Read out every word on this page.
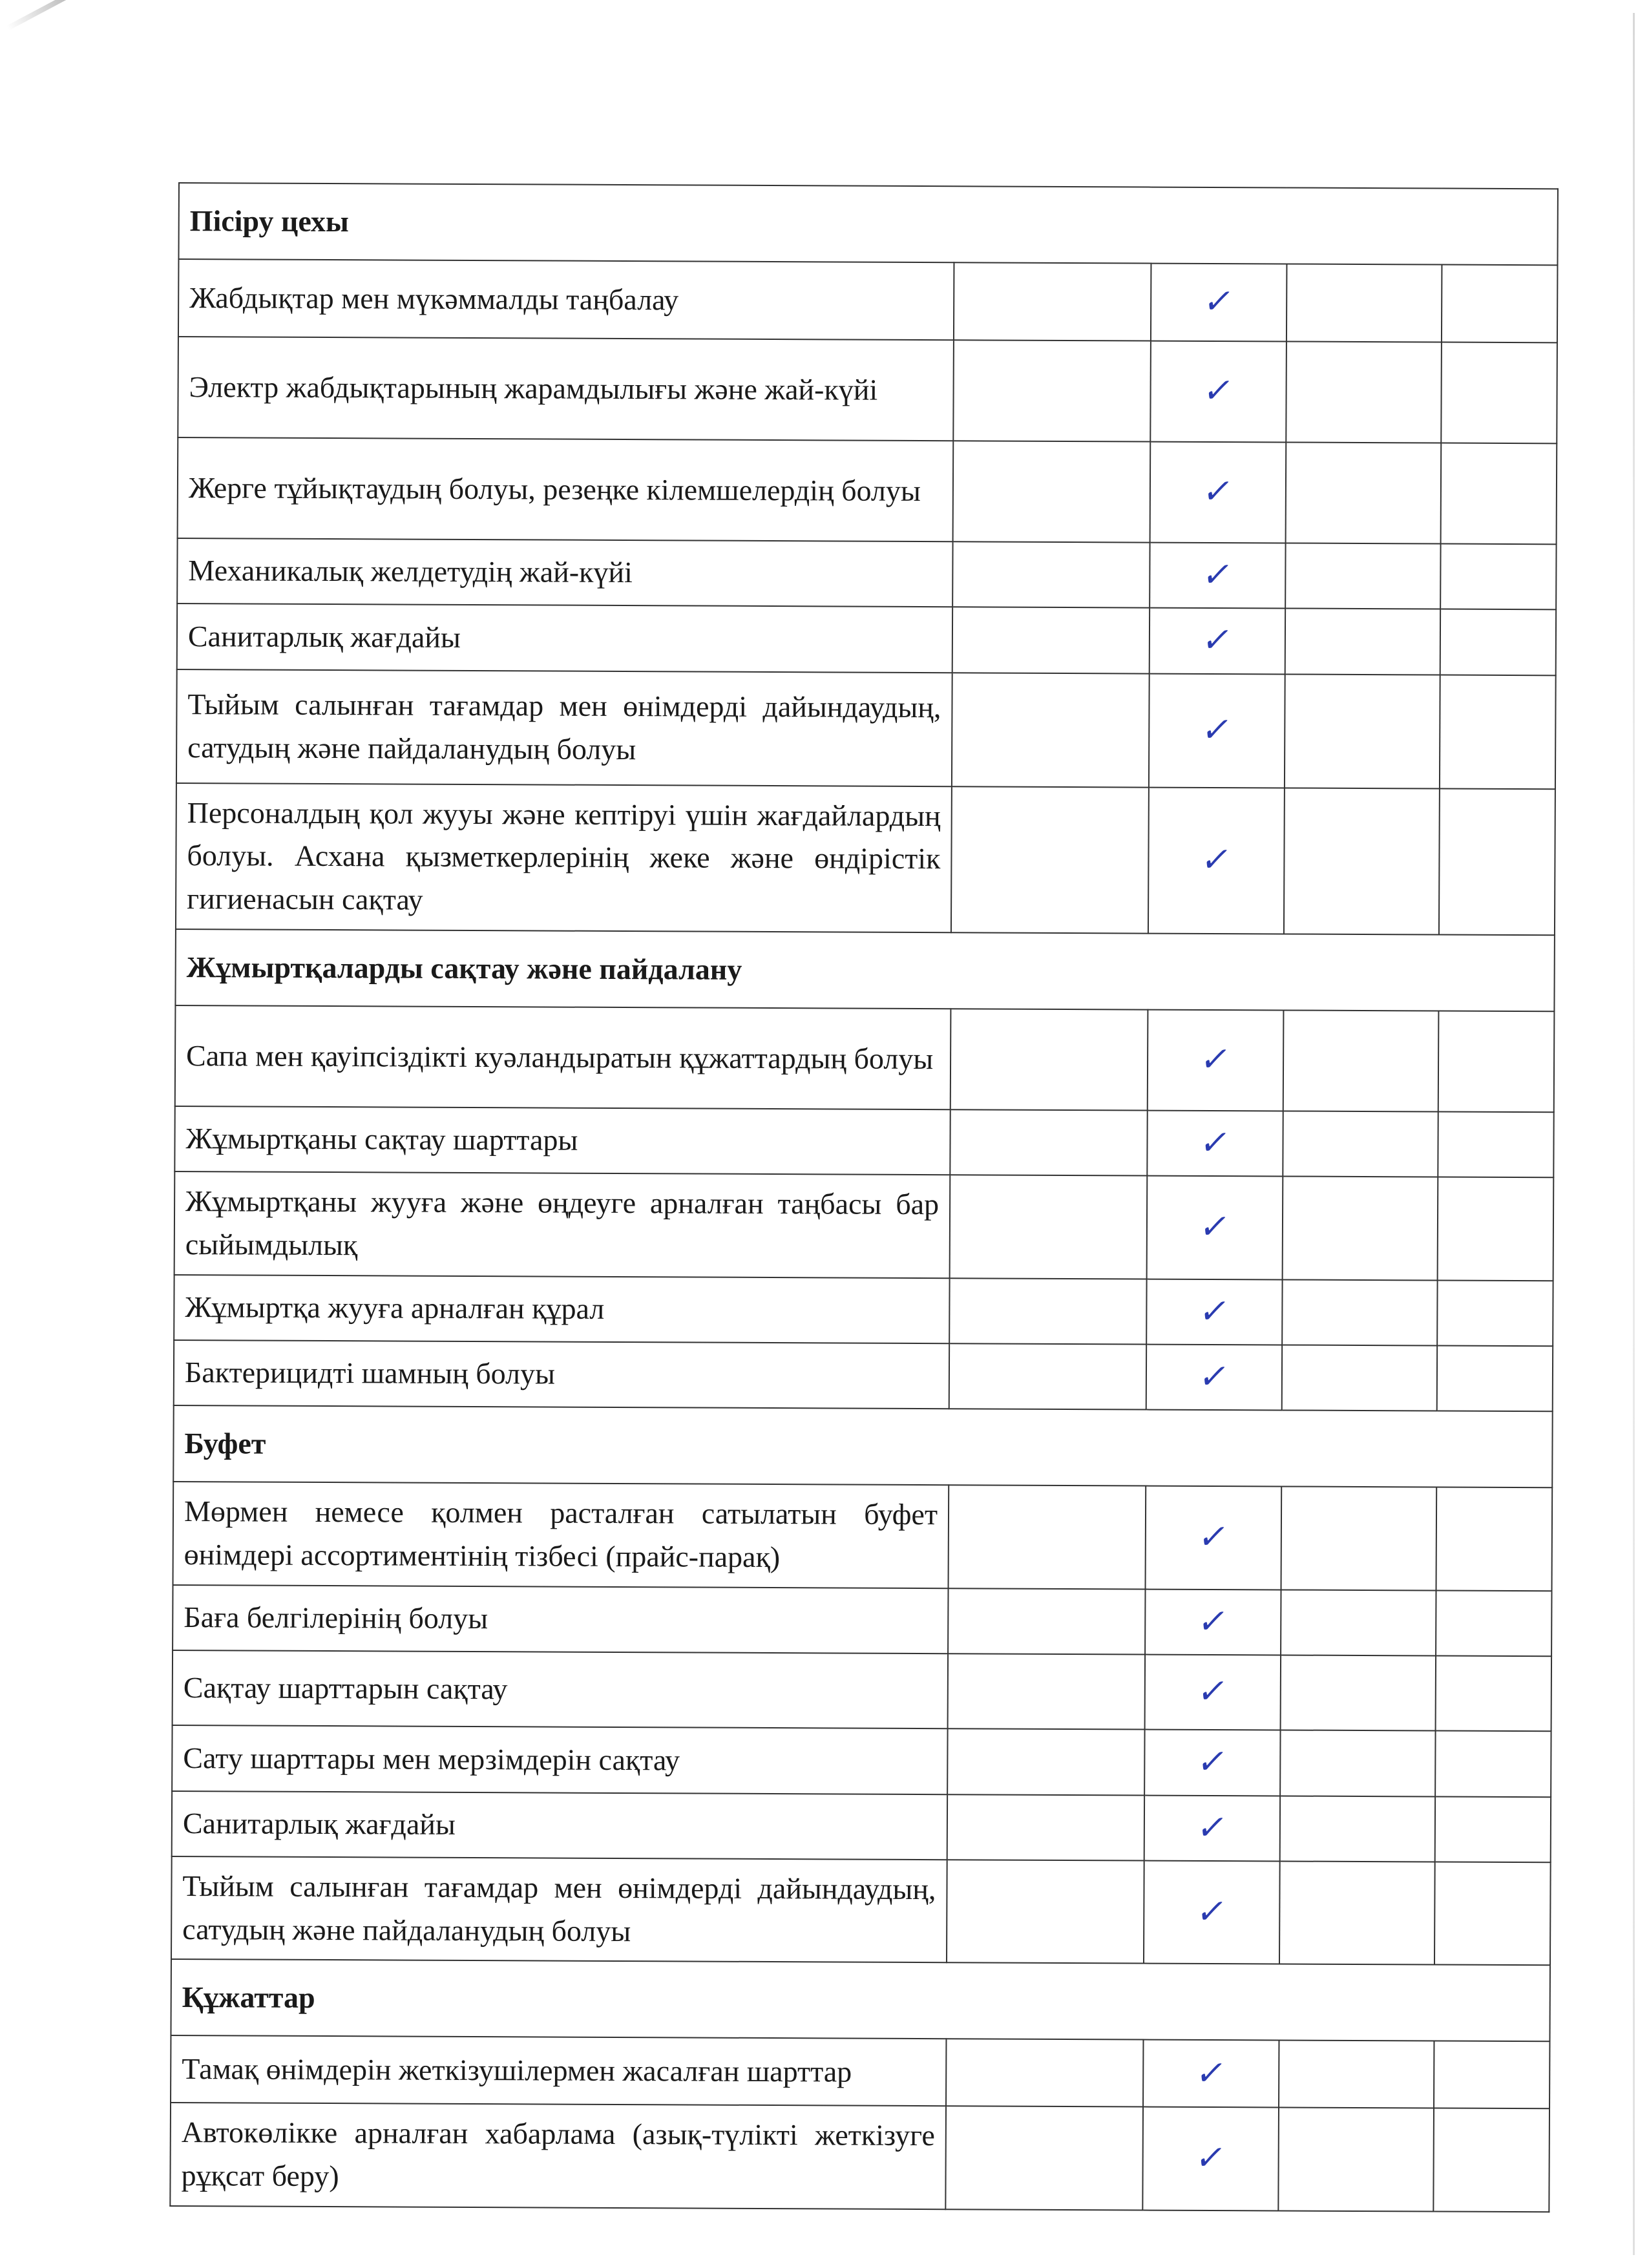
Пісіру цехы				
Жабдықтар мен мүкәммалды таңбалау		✓		
Электр жабдықтарының жарамдылығы және жай-күйі		✓		
Жерге тұйықтаудың болуы, резеңке кілемшелердің болуы		✓		
Механикалық желдетудің жай-күйі		✓		
Санитарлық жағдайы		✓		
Тыйым салынған тағамдар мен өнімдерді дайындаудың, сатудың және пайдаланудың болуы		✓		
Персоналдың қол жууы және кептіруі үшін жағдайлардың болуы. Асхана қызметкерлерінің жеке және өндірістік гигиенасын сақтау		✓		
Жұмыртқаларды сақтау және пайдалану				
Сапа мен қауіпсіздікті куәландыратын құжаттардың болуы		✓		
Жұмыртқаны сақтау шарттары		✓		
Жұмыртқаны жууға және өңдеуге арналған таңбасы бар сыйымдылық		✓		
Жұмыртқа жууға арналған құрал		✓		
Бактерицидті шамның болуы		✓		
Буфет				
Мөрмен немесе қолмен расталған сатылатын буфет өнімдері ассортиментінің тізбесі (прайс-парақ)		✓		
Баға белгілерінің болуы		✓		
Сақтау шарттарын сақтау		✓		
Сату шарттары мен мерзімдерін сақтау		✓		
Санитарлық жағдайы		✓		
Тыйым салынған тағамдар мен өнімдерді дайындаудың, сатудың және пайдаланудың болуы		✓		
Құжаттар				
Тамақ өнімдерін жеткізушілермен жасалған шарттар		✓		
Автокөлікке арналған хабарлама (азық-түлікті жеткізуге рұқсат беру)		✓		
